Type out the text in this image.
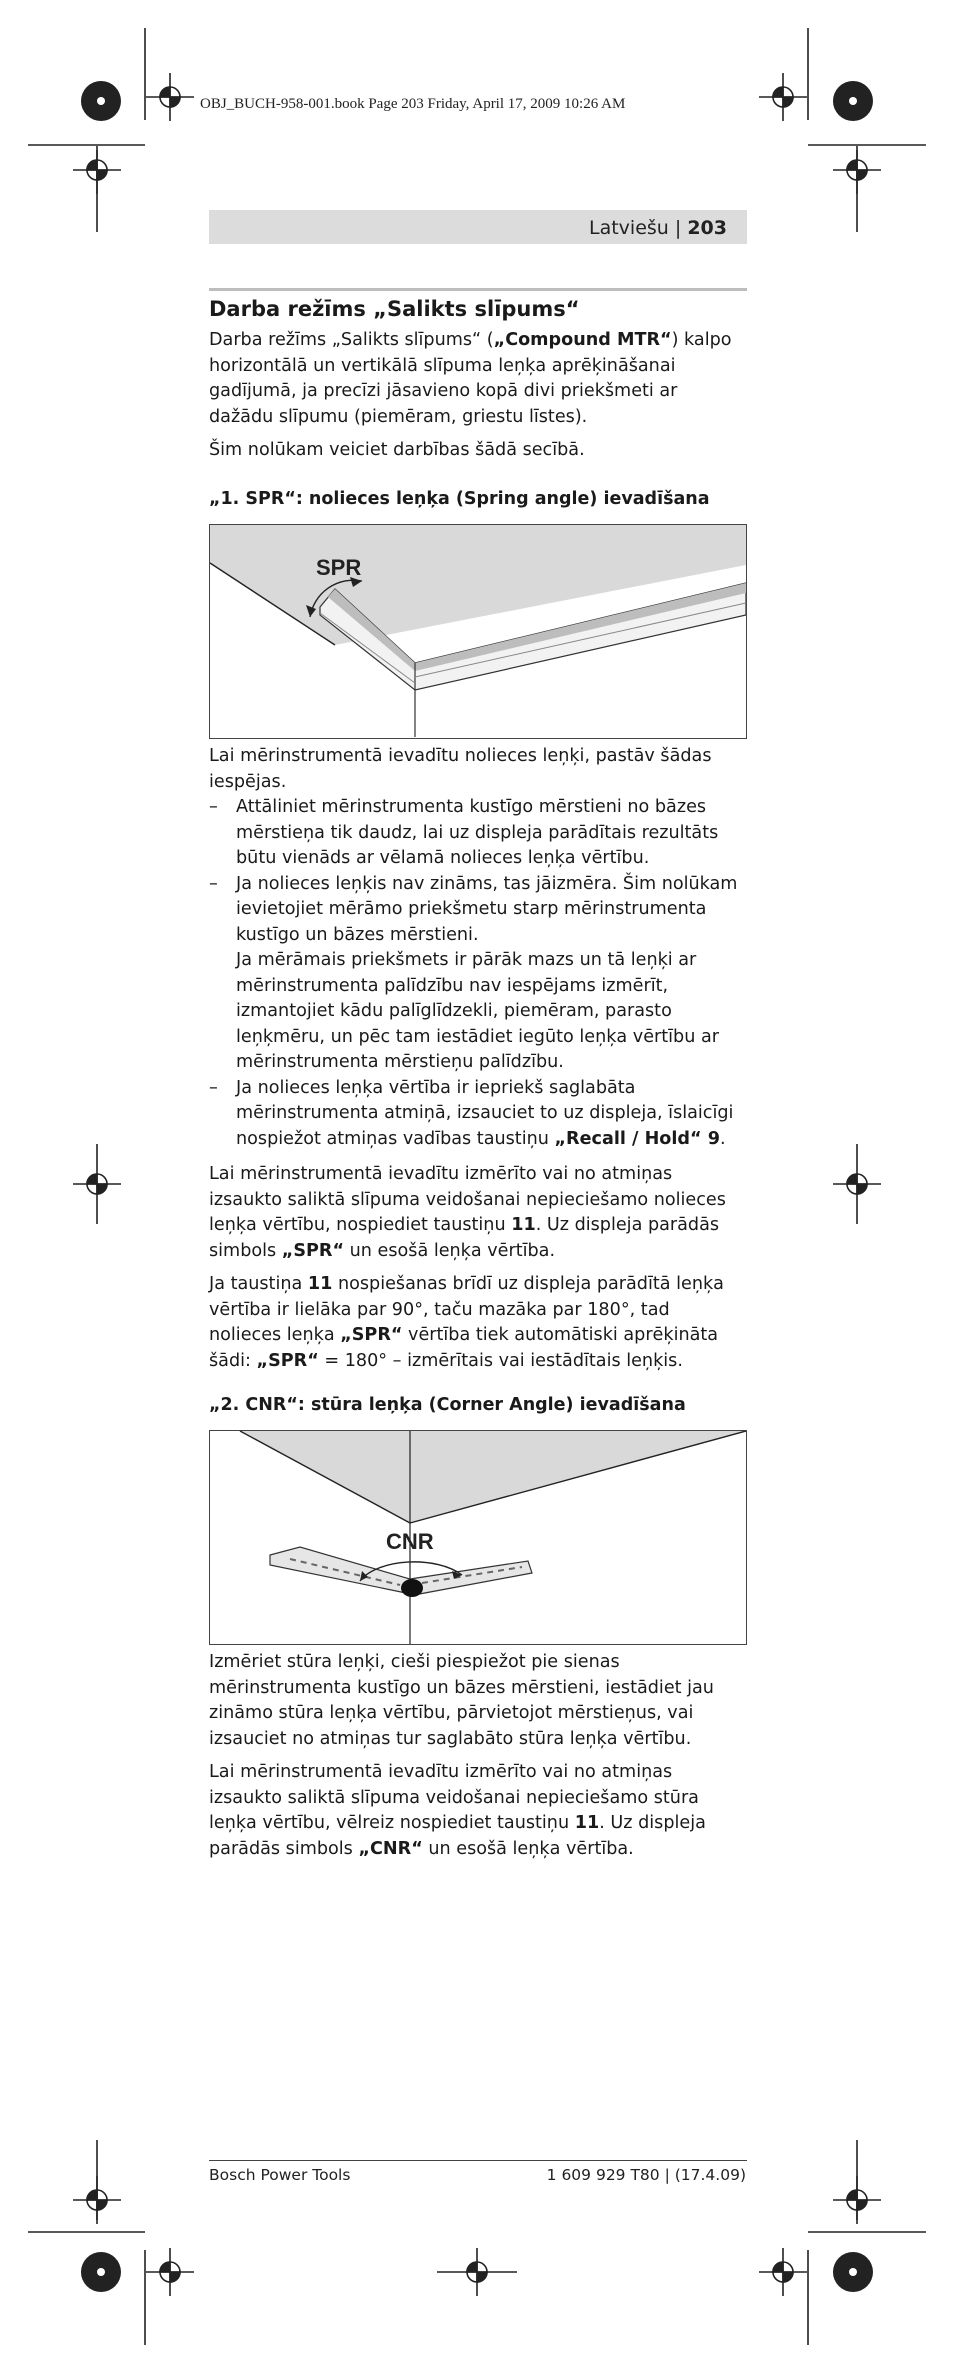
OBJ_BUCH-958-001.book Page 203 Friday, April 17, 2009 10:26 AM
Latviešu | 203
Darba režīms „Salikts slīpums“

Darba režīms „Salikts slīpums“ („Compound MTR“) kalpo horizontālā un vertikālā slīpuma leņķa aprēķināšanai gadījumā, ja precīzi jāsavieno kopā divi priekšmeti ar dažādu slīpumu (piemēram, griestu līstes).

Šim nolūkam veiciet darbības šādā secībā.

„1. SPR“: nolieces leņķa (Spring angle) ievadīšana
SPR

Lai mērinstrumentā ievadītu nolieces leņķi, pastāv šādas iespējas.

– Attāliniet mērinstrumenta kustīgo mērstieni no bāzes mērstieņa tik daudz, lai uz displeja parādītais rezultāts būtu vienāds ar vēlamā nolieces leņķa vērtību.
– Ja nolieces leņķis nav zināms, tas jāizmēra. Šim nolūkam ievietojiet mērāmo priekšmetu starp mērinstrumenta kustīgo un bāzes mērstieni.
Ja mērāmais priekšmets ir pārāk mazs un tā leņķi ar mērinstrumenta palīdzību nav iespējams izmērīt, izmantojiet kādu palīglīdzekli, piemēram, parasto leņķmēru, un pēc tam iestādiet iegūto leņķa vērtību ar mērinstrumenta mērstieņu palīdzību.
– Ja nolieces leņķa vērtība ir iepriekš saglabāta mērinstrumenta atmiņā, izsauciet to uz displeja, īslaicīgi nospiežot atmiņas vadības taustiņu „Recall / Hold“ 9.

Lai mērinstrumentā ievadītu izmērīto vai no atmiņas izsaukto saliktā slīpuma veidošanai nepieciešamo nolieces leņķa vērtību, nospiediet taustiņu 11. Uz displeja parādās simbols „SPR“ un esošā leņķa vērtība.

Ja taustiņa 11 nospiešanas brīdī uz displeja parādītā leņķa vērtība ir lielāka par 90°, taču mazāka par 180°, tad nolieces leņķa „SPR“ vērtība tiek automātiski aprēķināta šādi: „SPR“ = 180° – izmērītais vai iestādītais leņķis.

„2. CNR“: stūra leņķa (Corner Angle) ievadīšana
CNR

Izmēriet stūra leņķi, cieši piespiežot pie sienas mērinstrumenta kustīgo un bāzes mērstieni, iestādiet jau zināmo stūra leņķa vērtību, pārvietojot mērstieņus, vai izsauciet no atmiņas tur saglabāto stūra leņķa vērtību.

Lai mērinstrumentā ievadītu izmērīto vai no atmiņas izsaukto saliktā slīpuma veidošanai nepieciešamo stūra leņķa vērtību, vēlreiz nospiediet taustiņu 11. Uz displeja parādās simbols „CNR“ un esošā leņķa vērtība.

Bosch Power Tools	1 609 929 T80 | (17.4.09)
